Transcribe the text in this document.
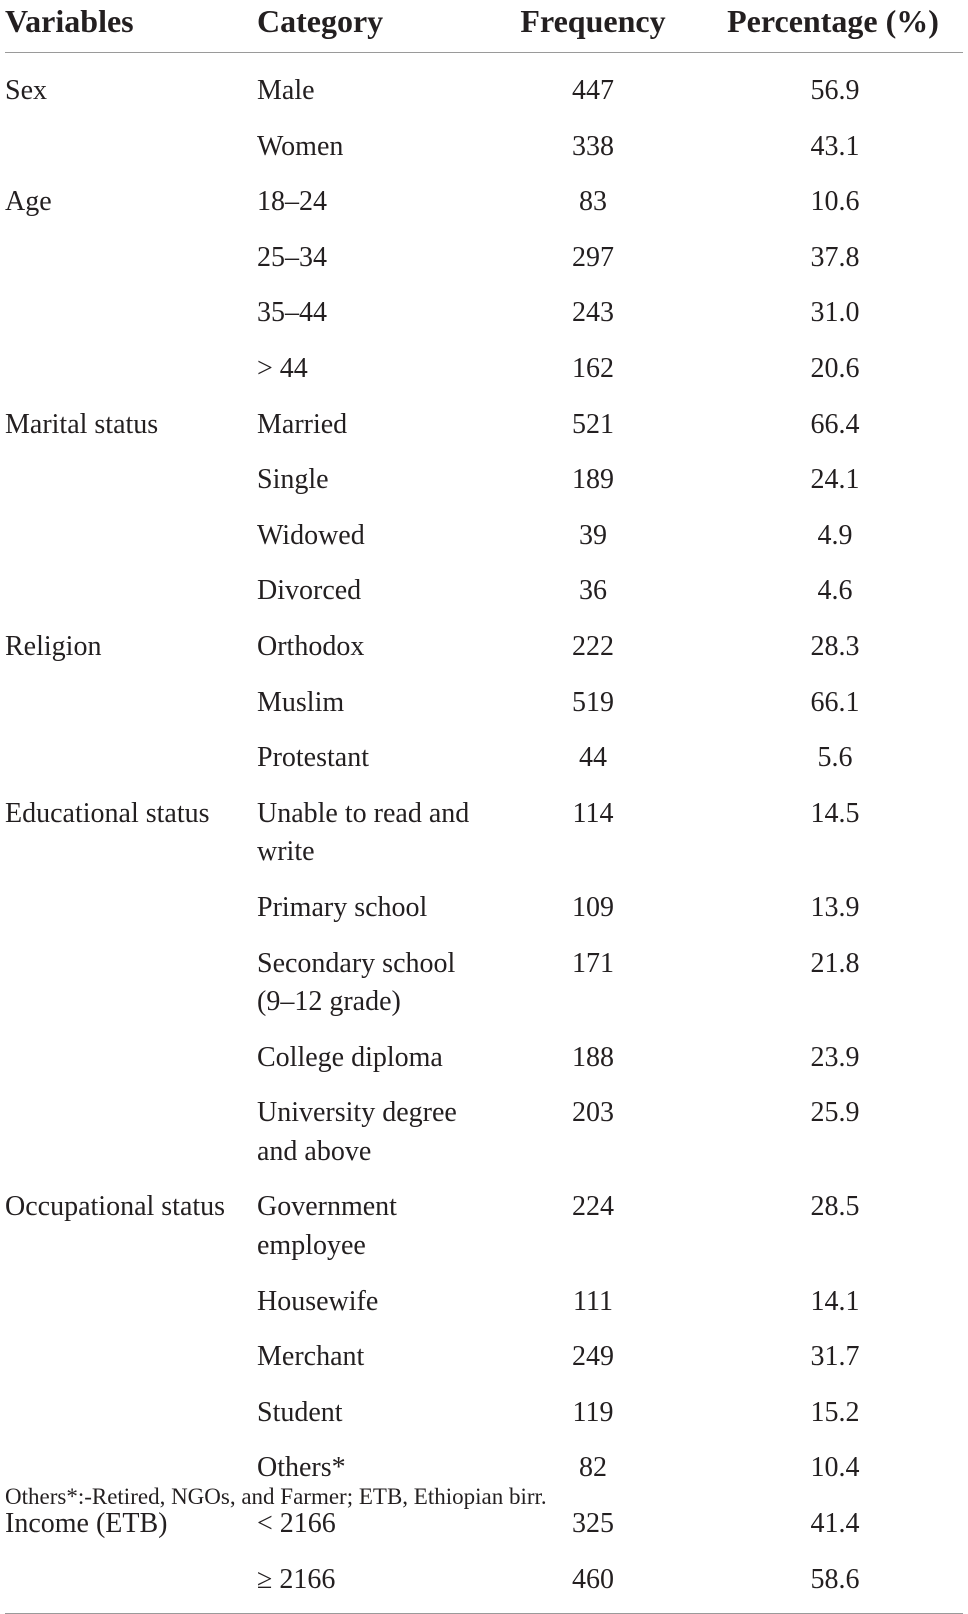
Variables	Category	Frequency	Percentage (%)
Sex	Male	447	56.9
	Women	338	43.1
Age	18–24	83	10.6
	25–34	297	37.8
	35–44	243	31.0
	> 44	162	20.6
Marital status	Married	521	66.4
	Single	189	24.1
	Widowed	39	4.9
	Divorced	36	4.6
Religion	Orthodox	222	28.3
	Muslim	519	66.1
	Protestant	44	5.6
Educational status	Unable to read and write	114	14.5
	Primary school	109	13.9
	Secondary school (9–12 grade)	171	21.8
	College diploma	188	23.9
	University degree and above	203	25.9
Occupational status	Government employee	224	28.5
	Housewife	111	14.1
	Merchant	249	31.7
	Student	119	15.2
	Others*	82	10.4
Income (ETB)	< 2166	325	41.4
	≥ 2166	460	58.6
Others*:-Retired, NGOs, and Farmer; ETB, Ethiopian birr.
